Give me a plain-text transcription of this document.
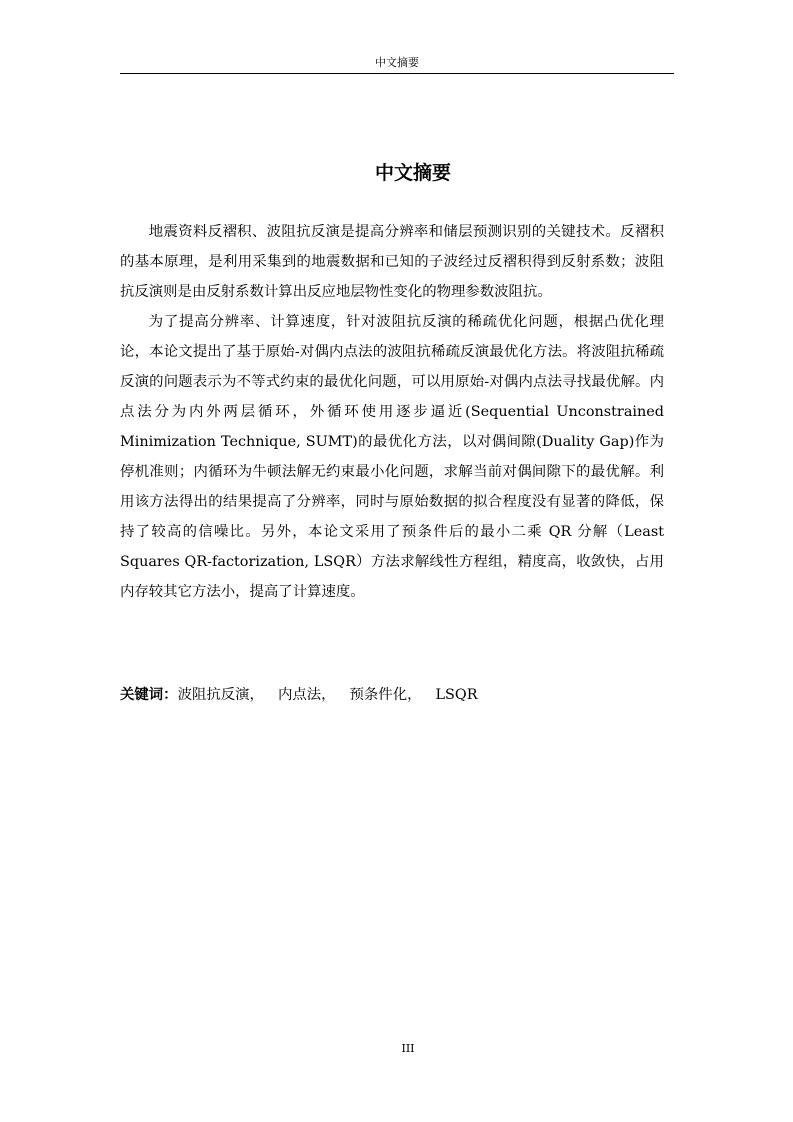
中文摘要
中文摘要

地震资料反褶积、波阻抗反演是提高分辨率和储层预测识别的关键技术。反褶积的基本原理，是利用采集到的地震数据和已知的子波经过反褶积得到反射系数；波阻抗反演则是由反射系数计算出反应地层物性变化的物理参数波阻抗。

为了提高分辨率、计算速度，针对波阻抗反演的稀疏优化问题，根据凸优化理论，本论文提出了基于原始-对偶内点法的波阻抗稀疏反演最优化方法。将波阻抗稀疏反演的问题表示为不等式约束的最优化问题，可以用原始-对偶内点法寻找最优解。内点法分为内外两层循环，外循环使用逐步逼近(Sequential Unconstrained Minimization Technique, SUMT)的最优化方法，以对偶间隙(Duality Gap)作为停机准则；内循环为牛顿法解无约束最小化问题，求解当前对偶间隙下的最优解。利用该方法得出的结果提高了分辨率，同时与原始数据的拟合程度没有显著的降低，保持了较高的信噪比。另外，本论文采用了预条件后的最小二乘 QR 分解（Least Squares QR-factorization, LSQR）方法求解线性方程组，精度高，收敛快，占用内存较其它方法小，提高了计算速度。

关键词：波阻抗反演， 内点法， 预条件化， LSQR
III
